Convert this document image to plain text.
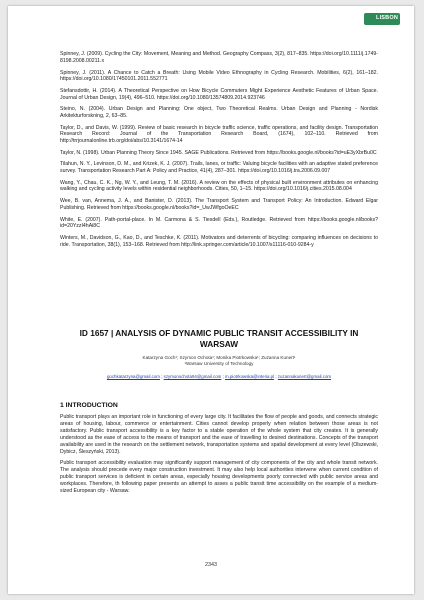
LISBON

Spinney, J. (2009). Cycling the City: Movement, Meaning and Method. Geography Compass, 3(2), 817–835. https://doi.org/10.1111/j.1749-8198.2008.00211.x

Spinney, J. (2011). A Chance to Catch a Breath: Using Mobile Video Ethnography in Cycling Research. Mobilities, 6(2), 161–182. https://doi.org/10.1080/17450101.2011.552771

Stefansdottir, H. (2014). A Theoretical Perspective on How Bicycle Commuters Might Experience Aesthetic Features of Urban Space. Journal of Urban Design, 19(4), 496–510. https://doi.org/10.1080/13574809.2014.923746

Steino, N. (2004). Urban Design and Planning: One object, Two Theoretical Realms. Urban Design and Planning - Nordisk Arkitekturforskning, 2, 63–85.

Taylor, D., and Davis, W. (1999). Review of basic research in bicycle traffic science, traffic operations, and facility design. Transportation Research Record: Journal of the Transportation Research Board, (1674), 102–110. Retrieved from http://trrjournalonline.trb.org/doi/abs/10.3141/1674-14

Taylor, N. (1998). Urban Planning Theory Since 1945. SAGE Publications. Retrieved from https://books.google.nl/books?id=uE3yXbrBu0C

Tilahun, N. Y., Levinson, D. M., and Krizek, K. J. (2007). Trails, lanes, or traffic: Valuing bicycle facilities with an adaptive stated preference survey. Transportation Research Part A: Policy and Practice, 41(4), 287–301. https://doi.org/10.1016/j.tra.2006.09.007

Wang, Y., Chau, C. K., Ng, W. Y., and Leung, T. M. (2016). A review on the effects of physical built environment attributes on enhancing walking and cycling activity levels within residential neighborhoods. Cities, 50, 1–15. https://doi.org/10.1016/j.cities.2015.08.004

Wee, B. van, Annema, J. A., and Banister, D. (2013). The Transport System and Transport Policy: An Introduction. Edward Elgar Publishing. Retrieved from https://books.google.nl/books?id=_UwJWfgoOeEC

White, E. (2007). Path-portal-place. In M. Carmona & S. Tiesdell (Eds.), Routledge. Retrieved from https://books.google.nl/books?id=20YzzI4hAi8C

Winters, M., Davidson, G., Kao, D., and Teschke, K. (2011). Motivators and deterrents of bicycling: comparing influences on decisions to ride. Transportation, 38(1), 153–168. Retrieved from http://link.springer.com/article/10.1007/s11116-010-9284-y

ID 1657 | ANALYSIS OF DYNAMIC PUBLIC TRANSIT ACCESSIBILITY IN WARSAW
Katarzyna Goch¹; Szymon Ochota¹; Monika Piotrkowska¹; Zuzanna Kunert¹
¹Warsaw University of Technology
gochkatarzyna@gmail.com ; szymonochota94@gmail.com ; m.piotrkowska@interia.pl ; zuzannakunert@gmail.com
1 INTRODUCTION

Public transport plays an important role in functioning of every large city. It facilitates the flow of people and goods, and connects strategic areas of housing, labour, commerce or entertainment. Cities cannot develop properly when relation between those areas is not satisfactory. Public transport accessibility is a key factor to a stable operation of the whole system that city creates. It is generally understood as the ease of access to the means of transport and the ease of travelling to desired destinations. Concepts of the transport availability are used in the research on the settlement network, transportation systems and spatial development at every level (Olszewski, Dybicz, Śleszyński, 2013).

Public transport accessibility evaluation may significantly support management of city components of the city and whole transit network. The analysis should precede every major construction investment. It may also help local authorities intervene when current condition of public transport services is deficient in certain areas, especially housing developments poorly connected with public service areas and workplaces. Therefore, th following paper presents an attempt to asses a public transit time accessibility on the example of a medium-sized European city - Warsaw.

2343
